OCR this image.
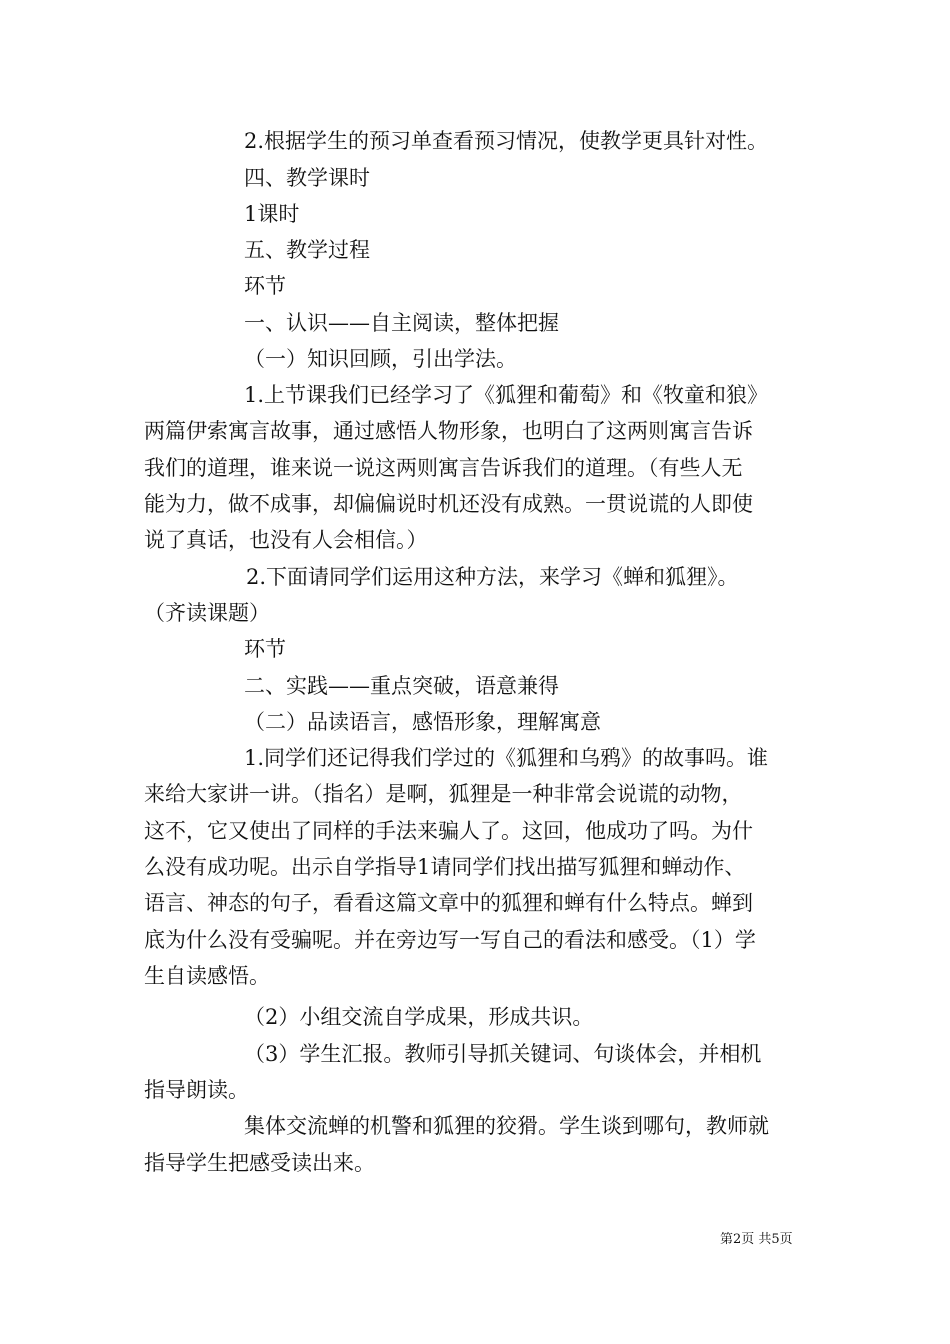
2.根据学生的预习单查看预习情况，使教学更具针对性。
四、教学课时
1课时
五、教学过程
环节
一、认识——自主阅读，整体把握
（一）知识回顾，引出学法。
1.上节课我们已经学习了《狐狸和葡萄》和《牧童和狼》
两篇伊索寓言故事，通过感悟人物形象，也明白了这两则寓言告诉
我们的道理，谁来说一说这两则寓言告诉我们的道理。（有些人无
能为力，做不成事，却偏偏说时机还没有成熟。一贯说谎的人即使
说了真话，也没有人会相信。）
2.下面请同学们运用这种方法，来学习《蝉和狐狸》。
（齐读课题）
环节
二、实践——重点突破，语意兼得
（二）品读语言，感悟形象，理解寓意
1.同学们还记得我们学过的《狐狸和乌鸦》的故事吗。谁
来给大家讲一讲。（指名）是啊，狐狸是一种非常会说谎的动物，
这不，它又使出了同样的手法来骗人了。这回，他成功了吗。为什
么没有成功呢。出示自学指导1请同学们找出描写狐狸和蝉动作、
语言、神态的句子，看看这篇文章中的狐狸和蝉有什么特点。蝉到
底为什么没有受骗呢。并在旁边写一写自己的看法和感受。（1）学
生自读感悟。
（2）小组交流自学成果，形成共识。
（3）学生汇报。教师引导抓关键词、句谈体会，并相机
指导朗读。
集体交流蝉的机警和狐狸的狡猾。学生谈到哪句，教师就
指导学生把感受读出来。
第2页 共5页
